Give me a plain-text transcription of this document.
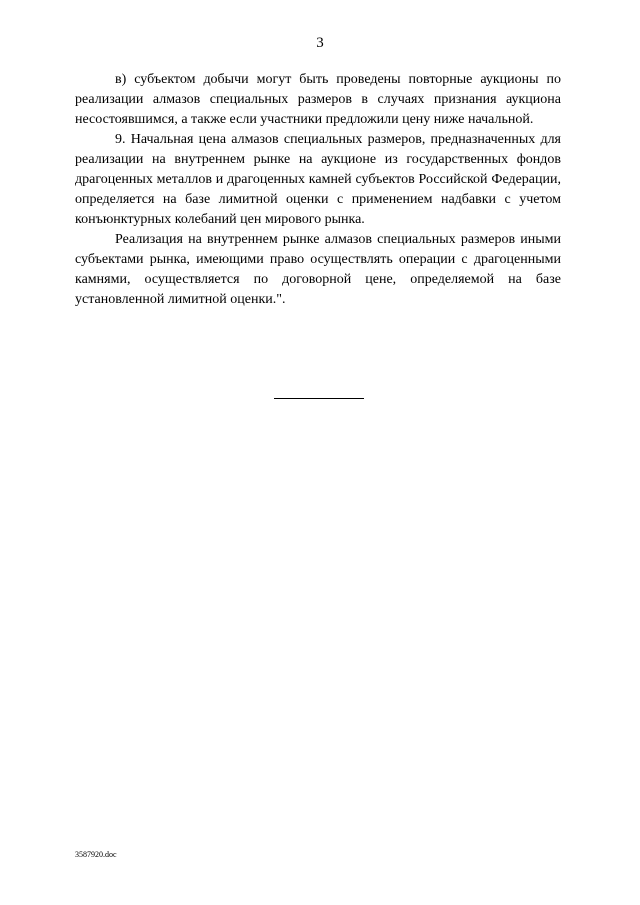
3

в) субъектом добычи могут быть проведены повторные аукционы по реализации алмазов специальных размеров в случаях признания аукциона несостоявшимся, а также если участники предложили цену ниже начальной.

9. Начальная цена алмазов специальных размеров, предназначенных для реализации на внутреннем рынке на аукционе из государственных фондов драгоценных металлов и драгоценных камней субъектов Российской Федерации, определяется на базе лимитной оценки с применением надбавки с учетом конъюнктурных колебаний цен мирового рынка.

Реализация на внутреннем рынке алмазов специальных размеров иными субъектами рынка, имеющими право осуществлять операции с драгоценными камнями, осуществляется по договорной цене, определяемой на базе установленной лимитной оценки.".

3587920.doc
